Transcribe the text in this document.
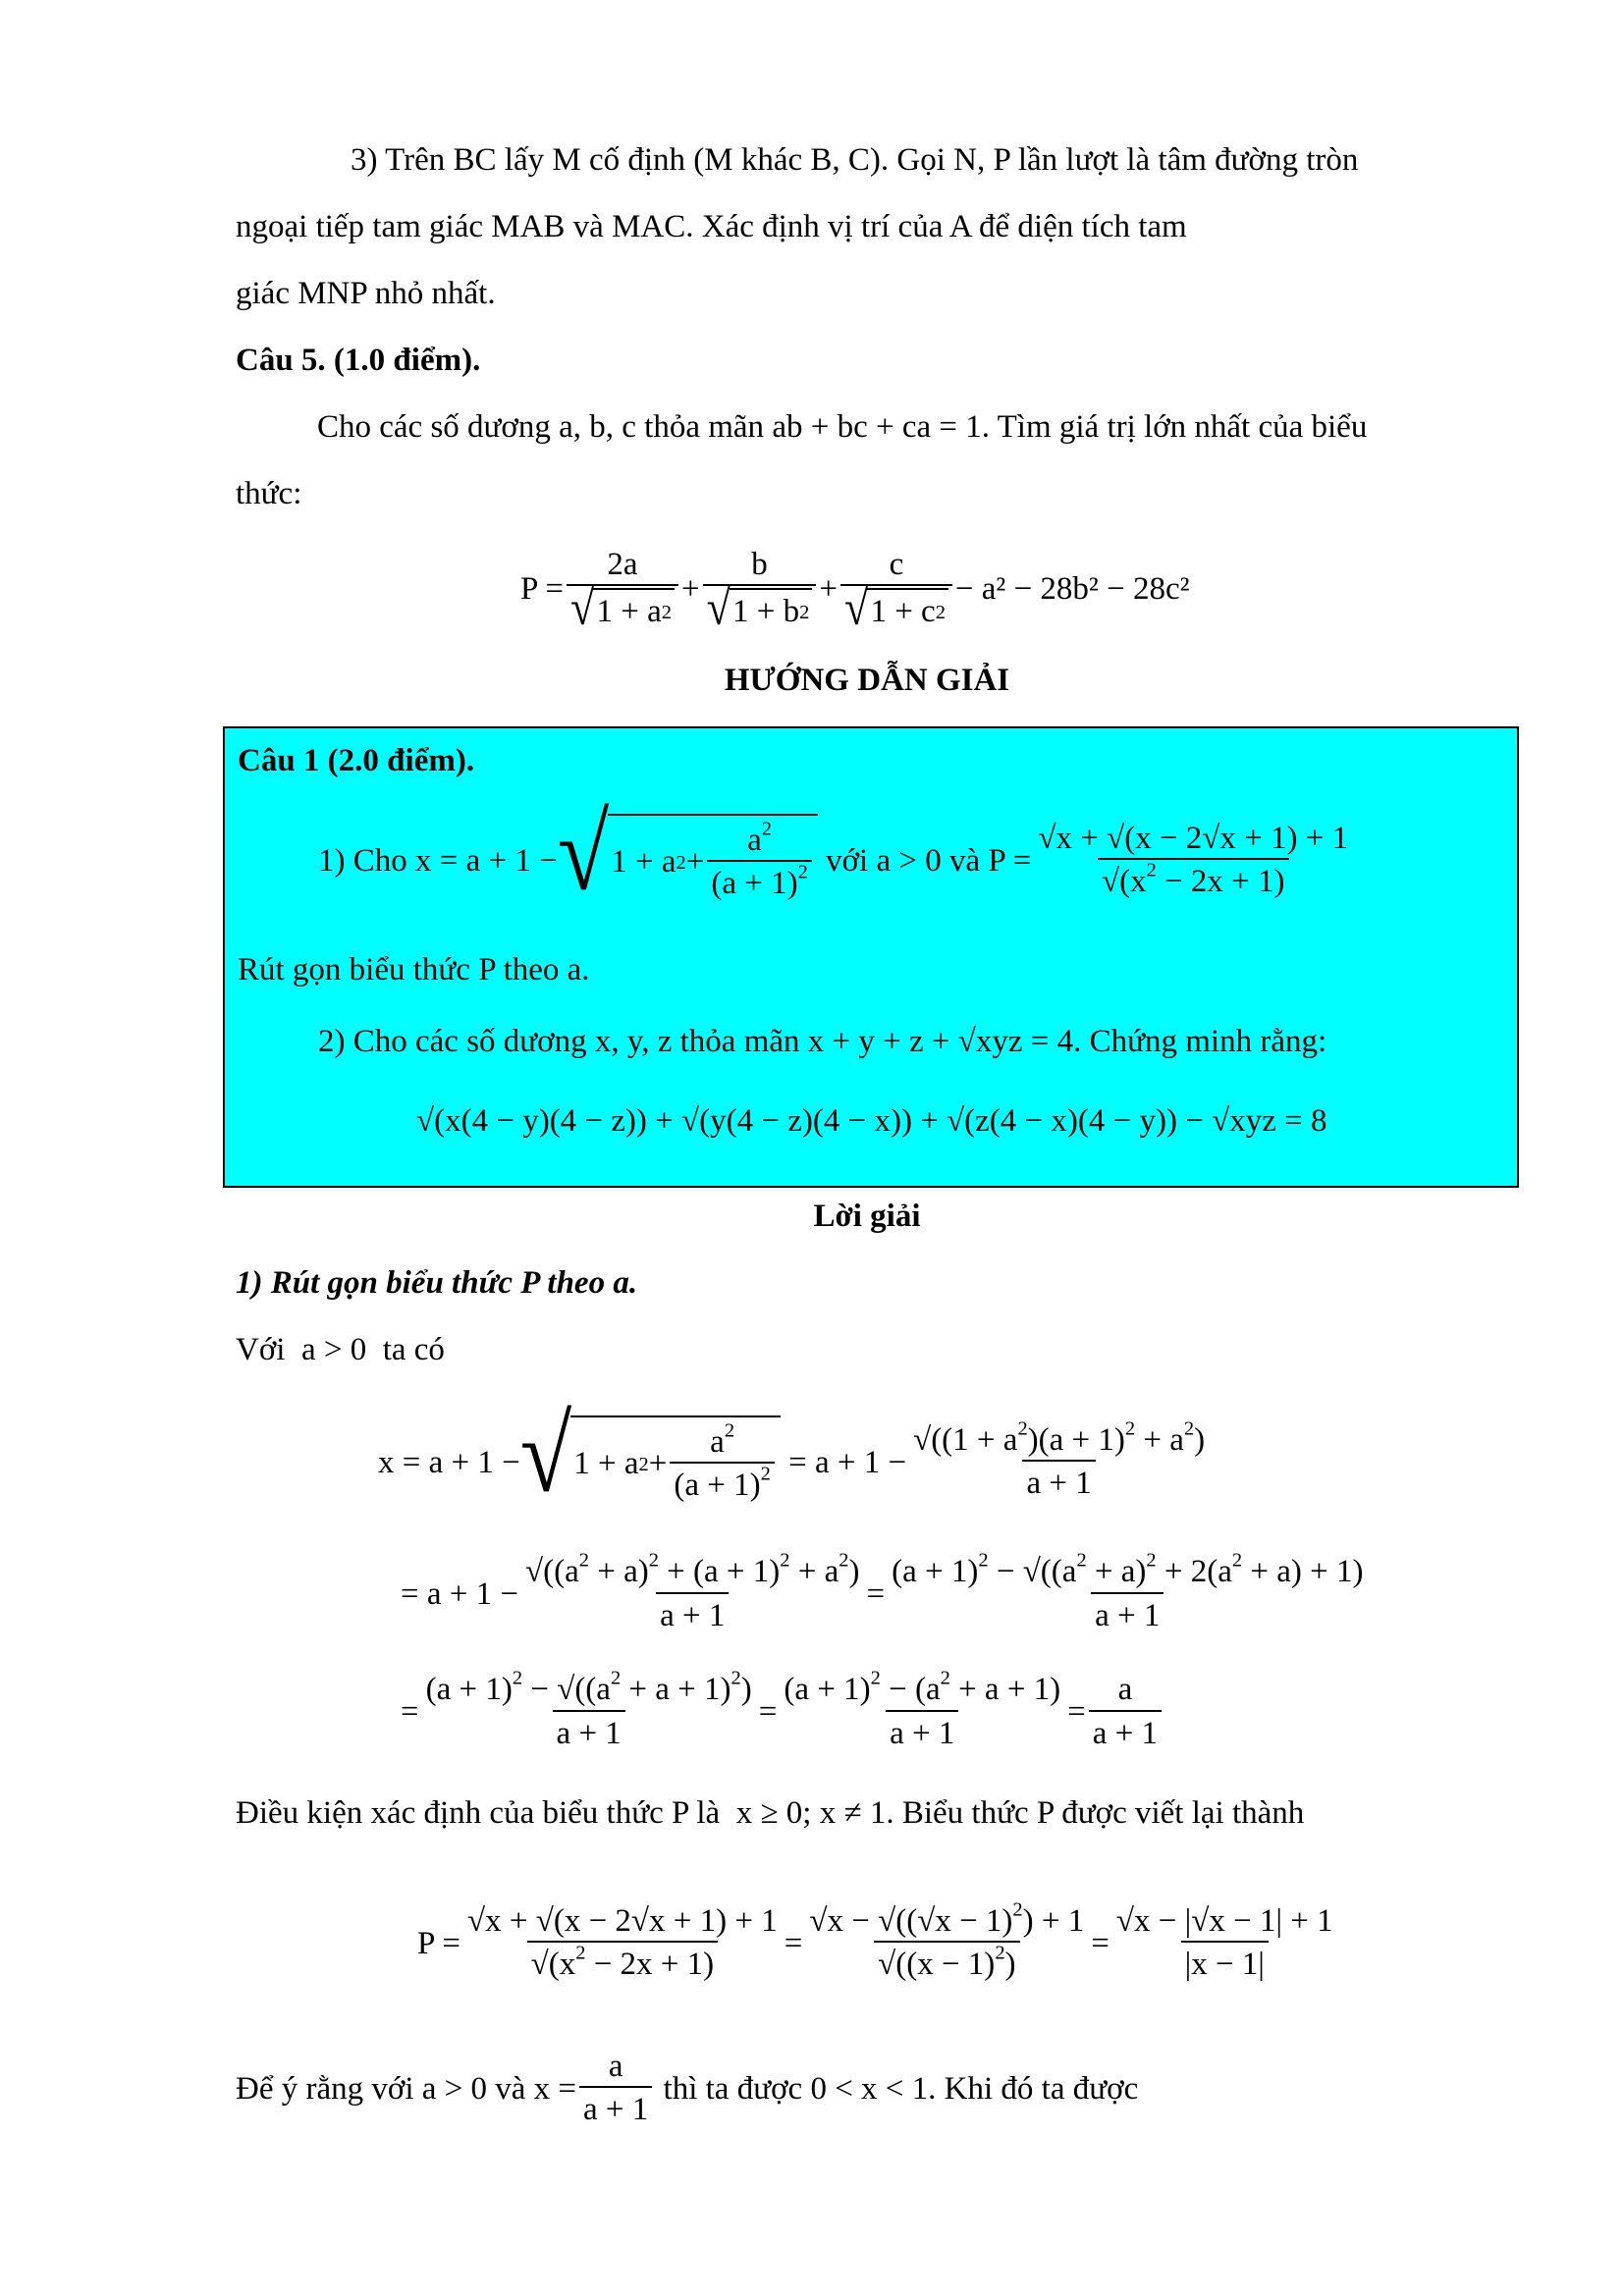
3) Trên BC lấy M cố định (M khác B, C). Gọi N, P lần lượt là tâm đường tròn
ngoại tiếp tam giác MAB và MAC. Xác định vị trí của A để diện tích tam
giác MNP nhỏ nhất.
Câu 5. (1.0 điểm).
Cho các số dương a, b, c thỏa mãn ab + bc + ca = 1. Tìm giá trị lớn nhất của biểu
thức:
$P = \frac{2a}{√ 1 + a 2} + \frac{b}{√ 1 + b 2} + \frac{c}{√ 1 + c 2} - a^2 - 28b^2 - 28c^2$
HƯỚNG DẪN GIẢI
Câu 1 (2.0 điểm).
1) Cho
x = a + 1 − √ 1 + a $2 + \frac{a^2}{(a + 1)^2}$
với a > 0 và
$P = \frac{√x + √(x - 2√x + 1) + 1}{√(x^2 - 2x + 1)}$
Rút gọn biểu thức P theo a.
2) Cho các số dương x, y, z thỏa mãn x + y + z + √xyz = 4. Chứng minh rằng:
√(x(4 − y)(4 − z)) + √(y(4 − z)(4 − x)) + √(z(4 − x)(4 − y)) − √xyz
= 8
Lời giải
1) Rút gọn biểu thức P theo a.
Với a > 0 ta có
x = a + 1 − √ 1 + a $2 + \frac{a^2}{(a + 1)^2} = a + 1 - \frac{√((1 + a^2)(a + 1)^2 + a^2)}{a + 1}$
= $a + 1 - \frac{√((a^2 + a)^2 + (a + 1)^2 + a^2)}{a + 1} = \frac{(a + 1)^2 - √((a^2 + a)^2 + 2(a^2 + a) + 1)}{a + 1}$
= $\frac{(a + 1)^2 - √((a^2 + a + 1)^2)}{a + 1} = \frac{(a + 1)^2 - (a^2 + a + 1)}{a + 1} = \frac{a}{a + 1}$
Điều kiện xác định của biểu thức P là x ≥ 0; x ≠ 1. Biểu thức P được viết lại thành
$P = \frac{√x + √(x - 2√x + 1) + 1}{√(x^2 - 2x + 1)} = \frac{√x - √((√x - 1)^2) + 1}{√((x - 1)^2)} = \frac{√x - |√x - 1| + 1}{|x - 1|}$
Để ý rằng với
a > 0
và
$x = \frac{a}{a + 1}$
thì ta được
0 < x < 1 . Khi đó ta được
